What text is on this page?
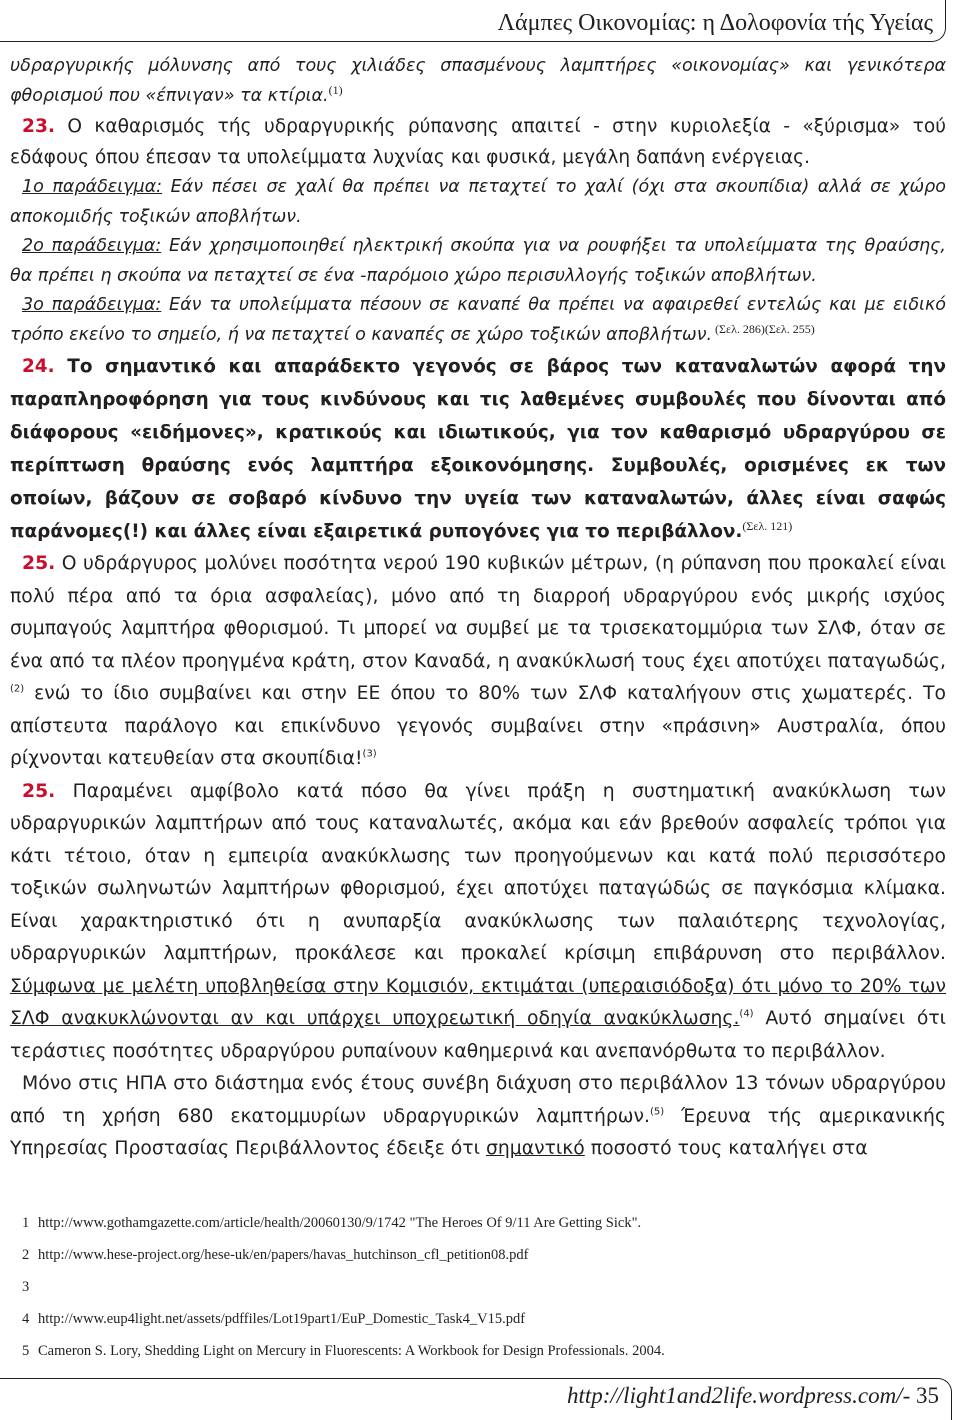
Λάμπες Οικονομίας: η Δολοφονία τής Υγείας

υδραργυρικής μόλυνσης από τους χιλιάδες σπασμένους λαμπτήρες «οικονομίας» και γενικότερα φθορισμού που «έπνιγαν» τα κτίρια.$^{(1)}$

23. Ο καθαρισμός τής υδραργυρικής ρύπανσης απαιτεί - στην κυριολεξία - «ξύρισμα» τού εδάφους όπου έπεσαν τα υπολείμματα λυχνίας και φυσικά, μεγάλη δαπάνη ενέργειας.

1ο παράδειγμα: Εάν πέσει σε χαλί θα πρέπει να πεταχτεί το χαλί (όχι στα σκουπίδια) αλλά σε χώρο αποκομιδής τοξικών αποβλήτων.

2ο παράδειγμα: Εάν χρησιμοποιηθεί ηλεκτρική σκούπα για να ρουφήξει τα υπολείμματα της θραύσης, θα πρέπει η σκούπα να πεταχτεί σε ένα -παρόμοιο χώρο περισυλλογής τοξικών αποβλήτων.

3ο παράδειγμα: Εάν τα υπολείμματα πέσουν σε καναπέ θα πρέπει να αφαιρεθεί εντελώς και με ειδικό τρόπο εκείνο το σημείο, ή να πεταχτεί ο καναπές σε χώρο τοξικών αποβλήτων. $^{(\Sigma\varepsilon\lambda. 286)(\Sigma\varepsilon\lambda. 255)}$

24. Το σημαντικό και απαράδεκτο γεγονός σε βάρος των καταναλωτών αφορά την παραπληροφόρηση για τους κινδύνους και τις λαθεμένες συμβουλές που δίνονται από διάφορους «ειδήμονες», κρατικούς και ιδιωτικούς, για τον καθαρισμό υδραργύρου σε περίπτωση θραύσης ενός λαμπτήρα εξοικονόμησης. Συμβουλές, ορισμένες εκ των οποίων, βάζουν σε σοβαρό κίνδυνο την υγεία των καταναλωτών, άλλες είναι σαφώς παράνομες(!) και άλλες είναι εξαιρετικά ρυπογόνες για το περιβάλλον.$^{(\Sigma\varepsilon\lambda. 121)}$

25. Ο υδράργυρος μολύνει ποσότητα νερού 190 κυβικών μέτρων, (η ρύπανση που προκαλεί είναι πολύ πέρα από τα όρια ασφαλείας), μόνο από τη διαρροή υδραργύρου ενός μικρής ισχύος συμπαγούς λαμπτήρα φθορισμού. Τι μπορεί να συμβεί με τα τρισεκατομμύρια των ΣΛΦ, όταν σε ένα από τα πλέον προηγμένα κράτη, στον Καναδά, η ανακύκλωσή τους έχει αποτύχει παταγωδώς,$^{(2)}$ ενώ το ίδιο συμβαίνει και στην ΕΕ όπου το 80% των ΣΛΦ καταλήγουν στις χωματερές. Το απίστευτα παράλογο και επικίνδυνο γεγονός συμβαίνει στην «πράσινη» Αυστραλία, όπου ρίχνονται κατευθείαν στα σκουπίδια!$^{(3)}$

25. Παραμένει αμφίβολο κατά πόσο θα γίνει πράξη η συστηματική ανακύκλωση των υδραργυρικών λαμπτήρων από τους καταναλωτές, ακόμα και εάν βρεθούν ασφαλείς τρόποι για κάτι τέτοιο, όταν η εμπειρία ανακύκλωσης των προηγούμενων και κατά πολύ περισσότερο τοξικών σωληνωτών λαμπτήρων φθορισμού, έχει αποτύχει παταγώδώς σε παγκόσμια κλίμακα. Είναι χαρακτηριστικό ότι η ανυπαρξία ανακύκλωσης των παλαιότερης τεχνολογίας, υδραργυρικών λαμπτήρων, προκάλεσε και προκαλεί κρίσιμη επιβάρυνση στο περιβάλλον. Σύμφωνα με μελέτη υποβληθείσα στην Κομισιόν, εκτιμάται (υπεραισιόδοξα) ότι μόνο το 20% των ΣΛΦ ανακυκλώνονται αν και υπάρχει υποχρεωτική οδηγία ανακύκλωσης.$^{(4)}$ Αυτό σημαίνει ότι τεράστιες ποσότητες υδραργύρου ρυπαίνουν καθημερινά και ανεπανόρθωτα το περιβάλλον.

Μόνο στις ΗΠΑ στο διάστημα ενός έτους συνέβη διάχυση στο περιβάλλον 13 τόνων υδραργύρου από τη χρήση 680 εκατομμυρίων υδραργυρικών λαμπτήρων.$^{(5)}$ Έρευνα τής αμερικανικής Υπηρεσίας Προστασίας Περιβάλλοντος έδειξε ότι σημαντικό ποσοστό τους καταλήγει στα

1 http://www.gothamgazette.com/article/health/20060130/9/1742 "The Heroes Of 9/11 Are Getting Sick".
2 http://www.hese-project.org/hese-uk/en/papers/havas_hutchinson_cfl_petition08.pdf
3
4 http://www.eup4light.net/assets/pdffiles/Lot19part1/EuP_Domestic_Task4_V15.pdf
5 Cameron S. Lory, Shedding Light on Mercury in Fluorescents: A Workbook for Design Professionals. 2004.
http://light1and2life.wordpress.com/- 35
